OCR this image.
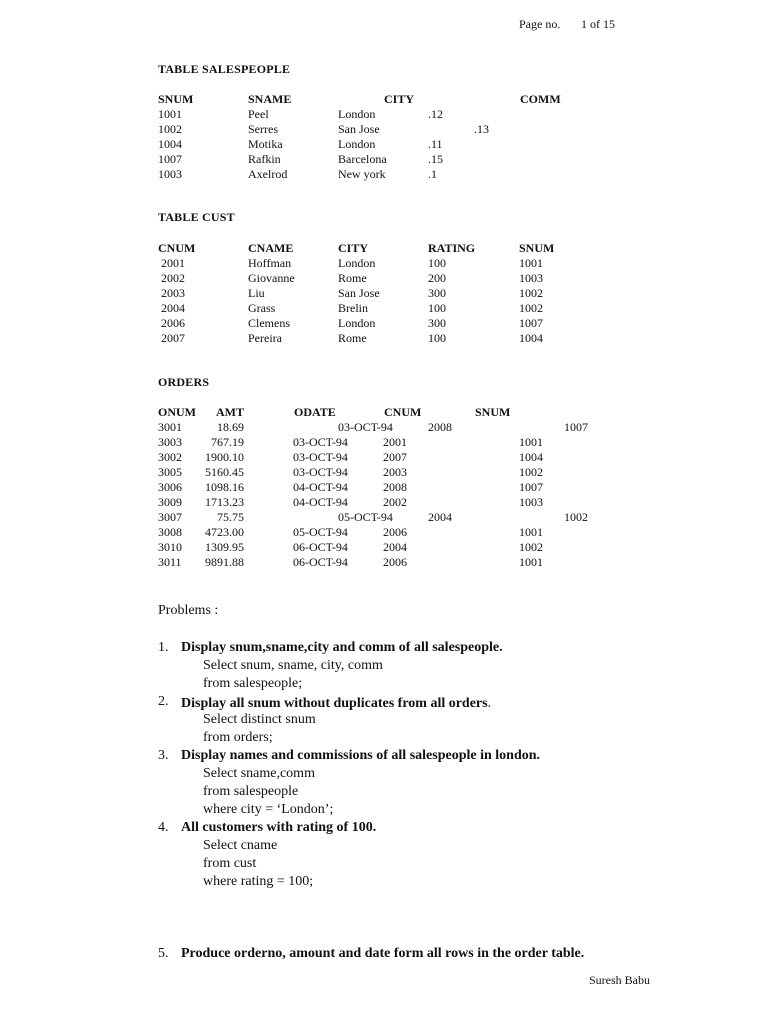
Page no. 1 of 15
TABLE SALESPEOPLE
SNUM	SNAME	CITY	COMM
1001	Peel	London	.12
1002	Serres	San Jose	.13
1004	Motika	London	.11
1007	Rafkin	Barcelona	.15
1003	Axelrod	New york	.1
TABLE CUST
CNUM	CNAME	CITY	RATING	SNUM
2001	Hoffman	London	100	1001
2002	Giovanne	Rome	200	1003
2003	Liu	San Jose	300	1002
2004	Grass	Brelin	100	1002
2006	Clemens	London	300	1007
2007	Pereira	Rome	100	1004
ORDERS
ONUM AMT	ODATE	CNUM	SNUM
3001	18.69	03-OCT-94	2008	1007
3003 767.19	03-OCT-94	2001	1001
3002 1900.10	03-OCT-94	2007	1004
3005 5160.45	03-OCT-94	2003	1002
3006 1098.16	04-OCT-94	2008	1007
3009 1713.23	04-OCT-94	2002	1003
3007	75.75	05-OCT-94	2004	1002
3008 4723.00	05-OCT-94	2006	1001
3010 1309.95	06-OCT-94	2004	1002
3011 9891.88	06-OCT-94	2006	1001
Problems :
1. Display snum,sname,city and comm of all salespeople.
Select snum, sname, city, comm
from salespeople;
2. Display all snum without duplicates from all orders.
Select distinct snum
from orders;
3. Display names and commissions of all salespeople in london.
Select sname,comm
from salespeople
where city = ‘London’;
4. All customers with rating of 100.
Select cname
from cust
where rating = 100;
5. Produce orderno, amount and date form all rows in the order table.
Suresh Babu
